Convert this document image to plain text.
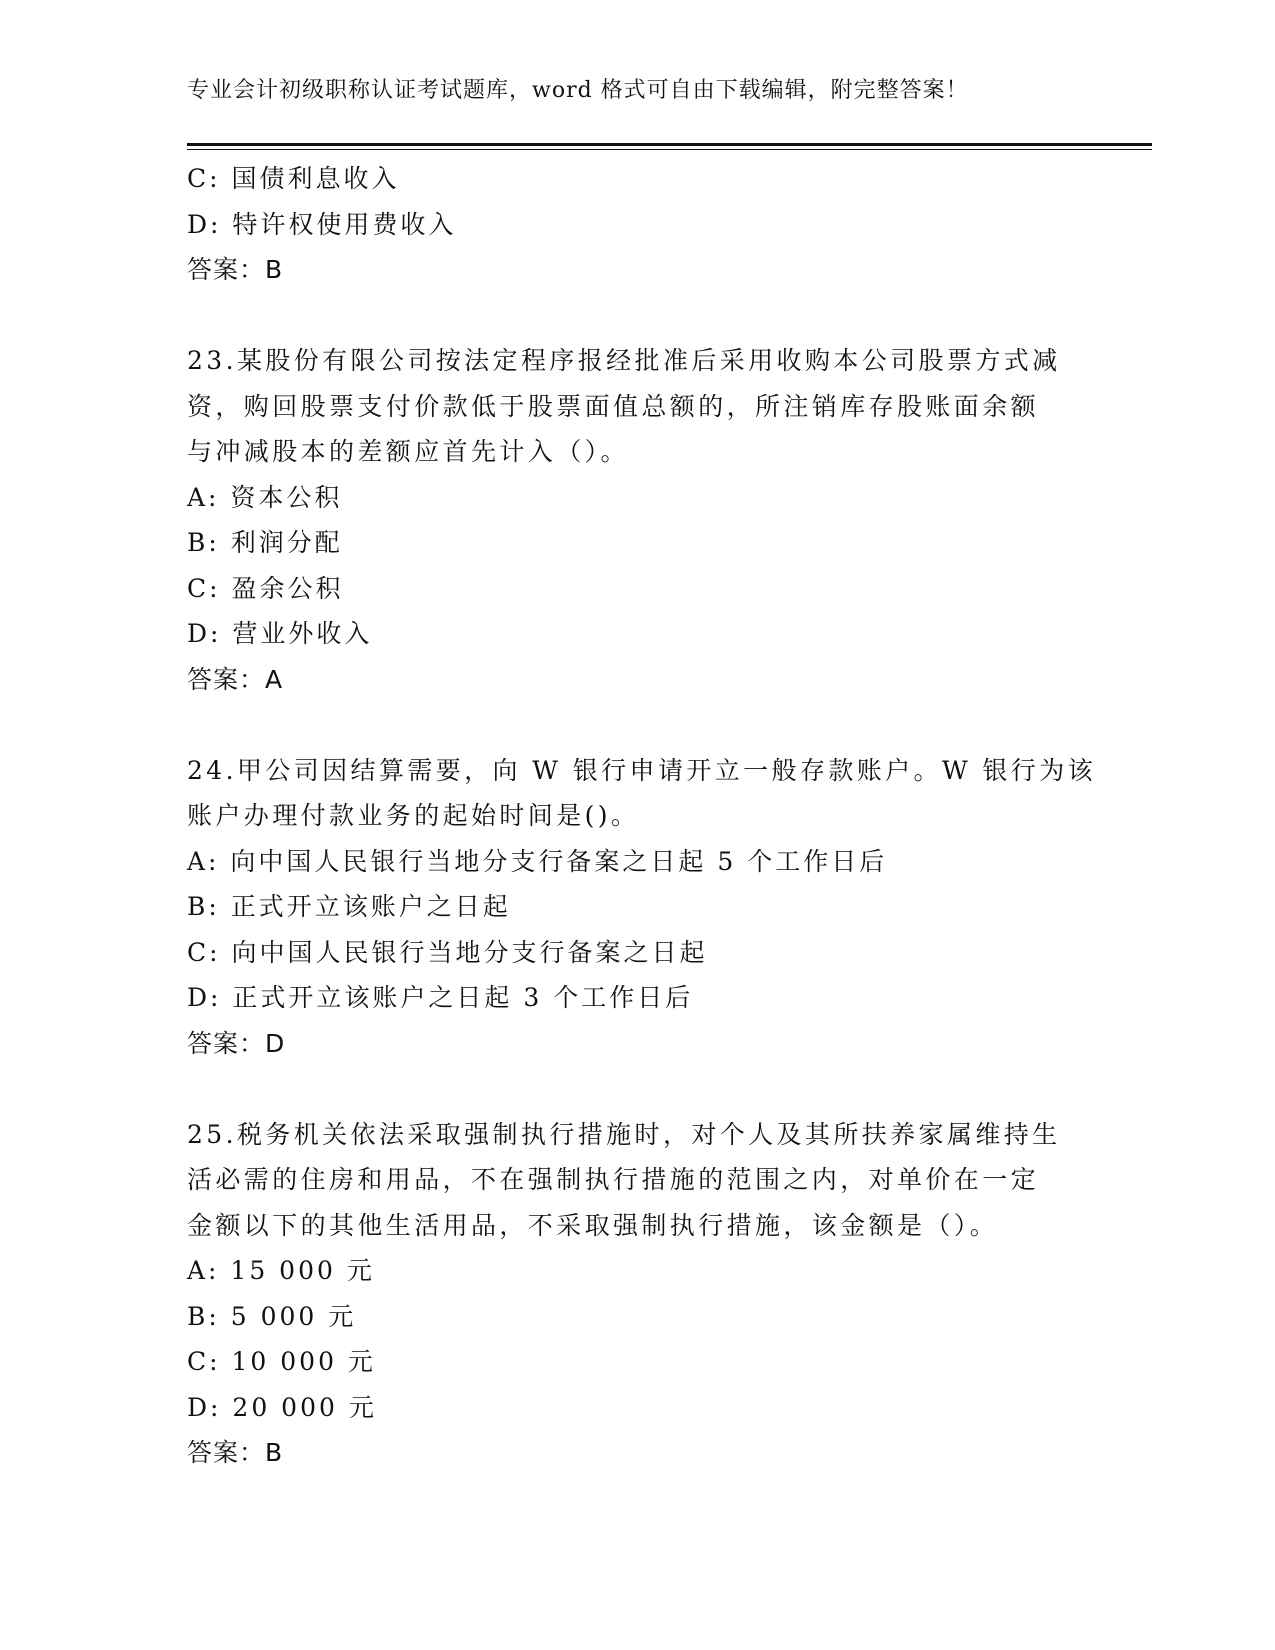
专业会计初级职称认证考试题库，word 格式可自由下载编辑，附完整答案！
C: 国债利息收入
D: 特许权使用费收入
答案：B
23.某股份有限公司按法定程序报经批准后采用收购本公司股票方式减
资，购回股票支付价款低于股票面值总额的，所注销库存股账面余额
与冲减股本的差额应首先计入（）。
A: 资本公积
B: 利润分配
C: 盈余公积
D: 营业外收入
答案：A
24.甲公司因结算需要，向 W 银行申请开立一般存款账户。W 银行为该
账户办理付款业务的起始时间是()。
A: 向中国人民银行当地分支行备案之日起 5 个工作日后
B: 正式开立该账户之日起
C: 向中国人民银行当地分支行备案之日起
D: 正式开立该账户之日起 3 个工作日后
答案：D
25.税务机关依法采取强制执行措施时，对个人及其所扶养家属维持生
活必需的住房和用品，不在强制执行措施的范围之内，对单价在一定
金额以下的其他生活用品，不采取强制执行措施，该金额是（）。
A: 15 000 元
B: 5 000 元
C: 10 000 元
D: 20 000 元
答案：B
